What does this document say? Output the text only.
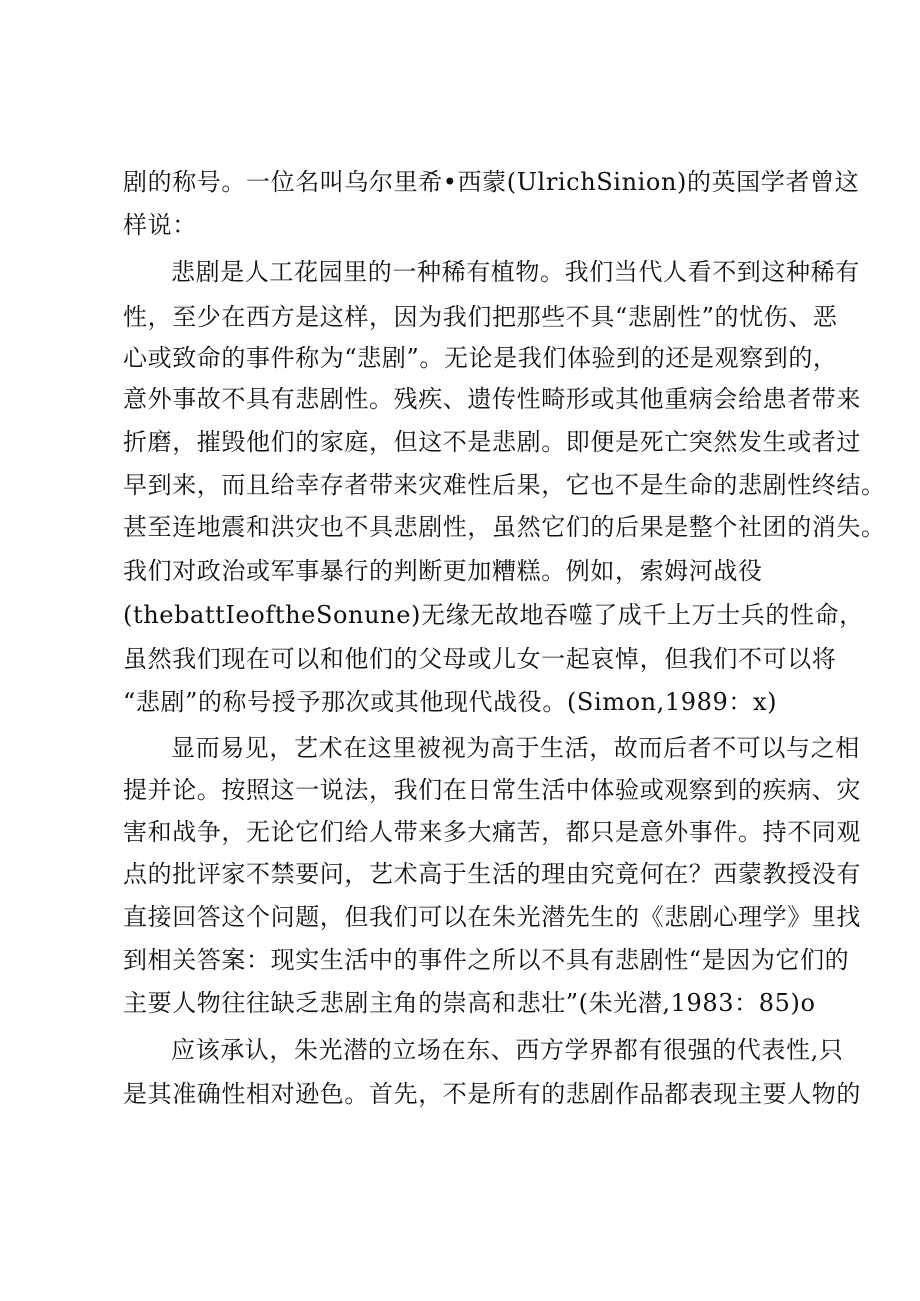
剧的称号。一位名叫乌尔里希•西蒙(UlrichSinion)的英国学者曾这
样说：
悲剧是人工花园里的一种稀有植物。我们当代人看不到这种稀有
性，至少在西方是这样，因为我们把那些不具“悲剧性”的忧伤、恶
心或致命的事件称为“悲剧”。无论是我们体验到的还是观察到的，
意外事故不具有悲剧性。残疾、遗传性畸形或其他重病会给患者带来
折磨，摧毁他们的家庭，但这不是悲剧。即便是死亡突然发生或者过
早到来，而且给幸存者带来灾难性后果，它也不是生命的悲剧性终结。
甚至连地震和洪灾也不具悲剧性，虽然它们的后果是整个社团的消失。
我们对政治或军事暴行的判断更加糟糕。例如，索姆河战役
(thebattIeoftheSonune)无缘无故地吞噬了成千上万士兵的性命，
虽然我们现在可以和他们的父母或儿女一起哀悼，但我们不可以将
“悲剧”的称号授予那次或其他现代战役。(Simon,1989：x)
显而易见，艺术在这里被视为高于生活，故而后者不可以与之相
提并论。按照这一说法，我们在日常生活中体验或观察到的疾病、灾
害和战争，无论它们给人带来多大痛苦，都只是意外事件。持不同观
点的批评家不禁要问，艺术高于生活的理由究竟何在？西蒙教授没有
直接回答这个问题，但我们可以在朱光潜先生的《悲剧心理学》里找
到相关答案：现实生活中的事件之所以不具有悲剧性“是因为它们的
主要人物往往缺乏悲剧主角的崇高和悲壮”(朱光潜,1983：85)o
应该承认，朱光潜的立场在东、西方学界都有很强的代表性,只
是其准确性相对逊色。首先，不是所有的悲剧作品都表现主要人物的
